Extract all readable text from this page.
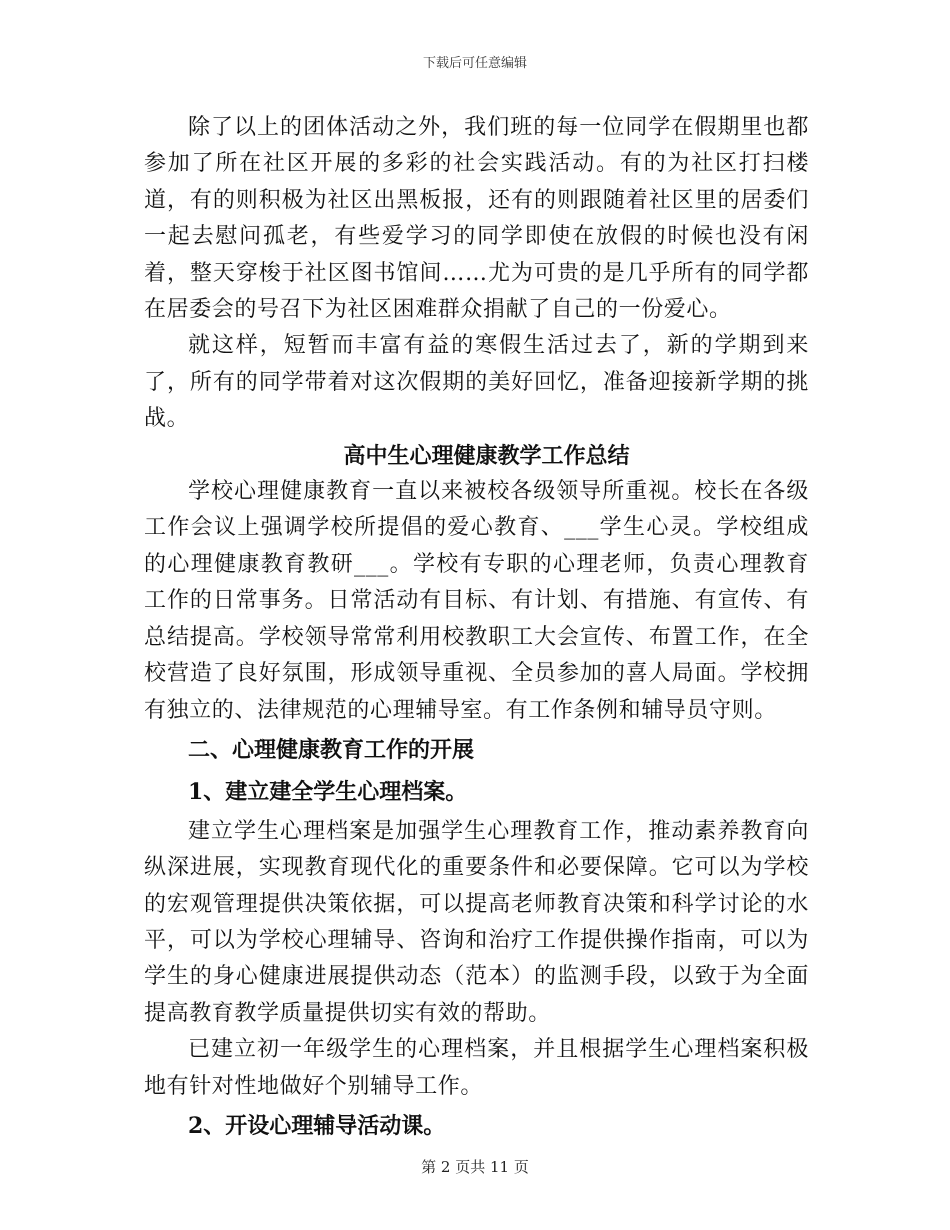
下载后可任意编辑

除了以上的团体活动之外，我们班的每一位同学在假期里也都参加了所在社区开展的多彩的社会实践活动。有的为社区打扫楼道，有的则积极为社区出黑板报，还有的则跟随着社区里的居委们一起去慰问孤老，有些爱学习的同学即使在放假的时候也没有闲着，整天穿梭于社区图书馆间……尤为可贵的是几乎所有的同学都在居委会的号召下为社区困难群众捐献了自己的一份爱心。

就这样，短暂而丰富有益的寒假生活过去了，新的学期到来了，所有的同学带着对这次假期的美好回忆，准备迎接新学期的挑战。

高中生心理健康教学工作总结

学校心理健康教育一直以来被校各级领导所重视。校长在各级工作会议上强调学校所提倡的爱心教育、___学生心灵。学校组成的心理健康教育教研___。学校有专职的心理老师，负责心理教育工作的日常事务。日常活动有目标、有计划、有措施、有宣传、有总结提高。学校领导常常利用校教职工大会宣传、布置工作，在全校营造了良好氛围，形成领导重视、全员参加的喜人局面。学校拥有独立的、法律规范的心理辅导室。有工作条例和辅导员守则。

二、心理健康教育工作的开展

1、建立建全学生心理档案。

建立学生心理档案是加强学生心理教育工作，推动素养教育向纵深进展，实现教育现代化的重要条件和必要保障。它可以为学校的宏观管理提供决策依据，可以提高老师教育决策和科学讨论的水平，可以为学校心理辅导、咨询和治疗工作提供操作指南，可以为学生的身心健康进展提供动态（范本）的监测手段，以致于为全面提高教育教学质量提供切实有效的帮助。

已建立初一年级学生的心理档案，并且根据学生心理档案积极地有针对性地做好个别辅导工作。

2、开设心理辅导活动课。

第 2 页共 11 页
